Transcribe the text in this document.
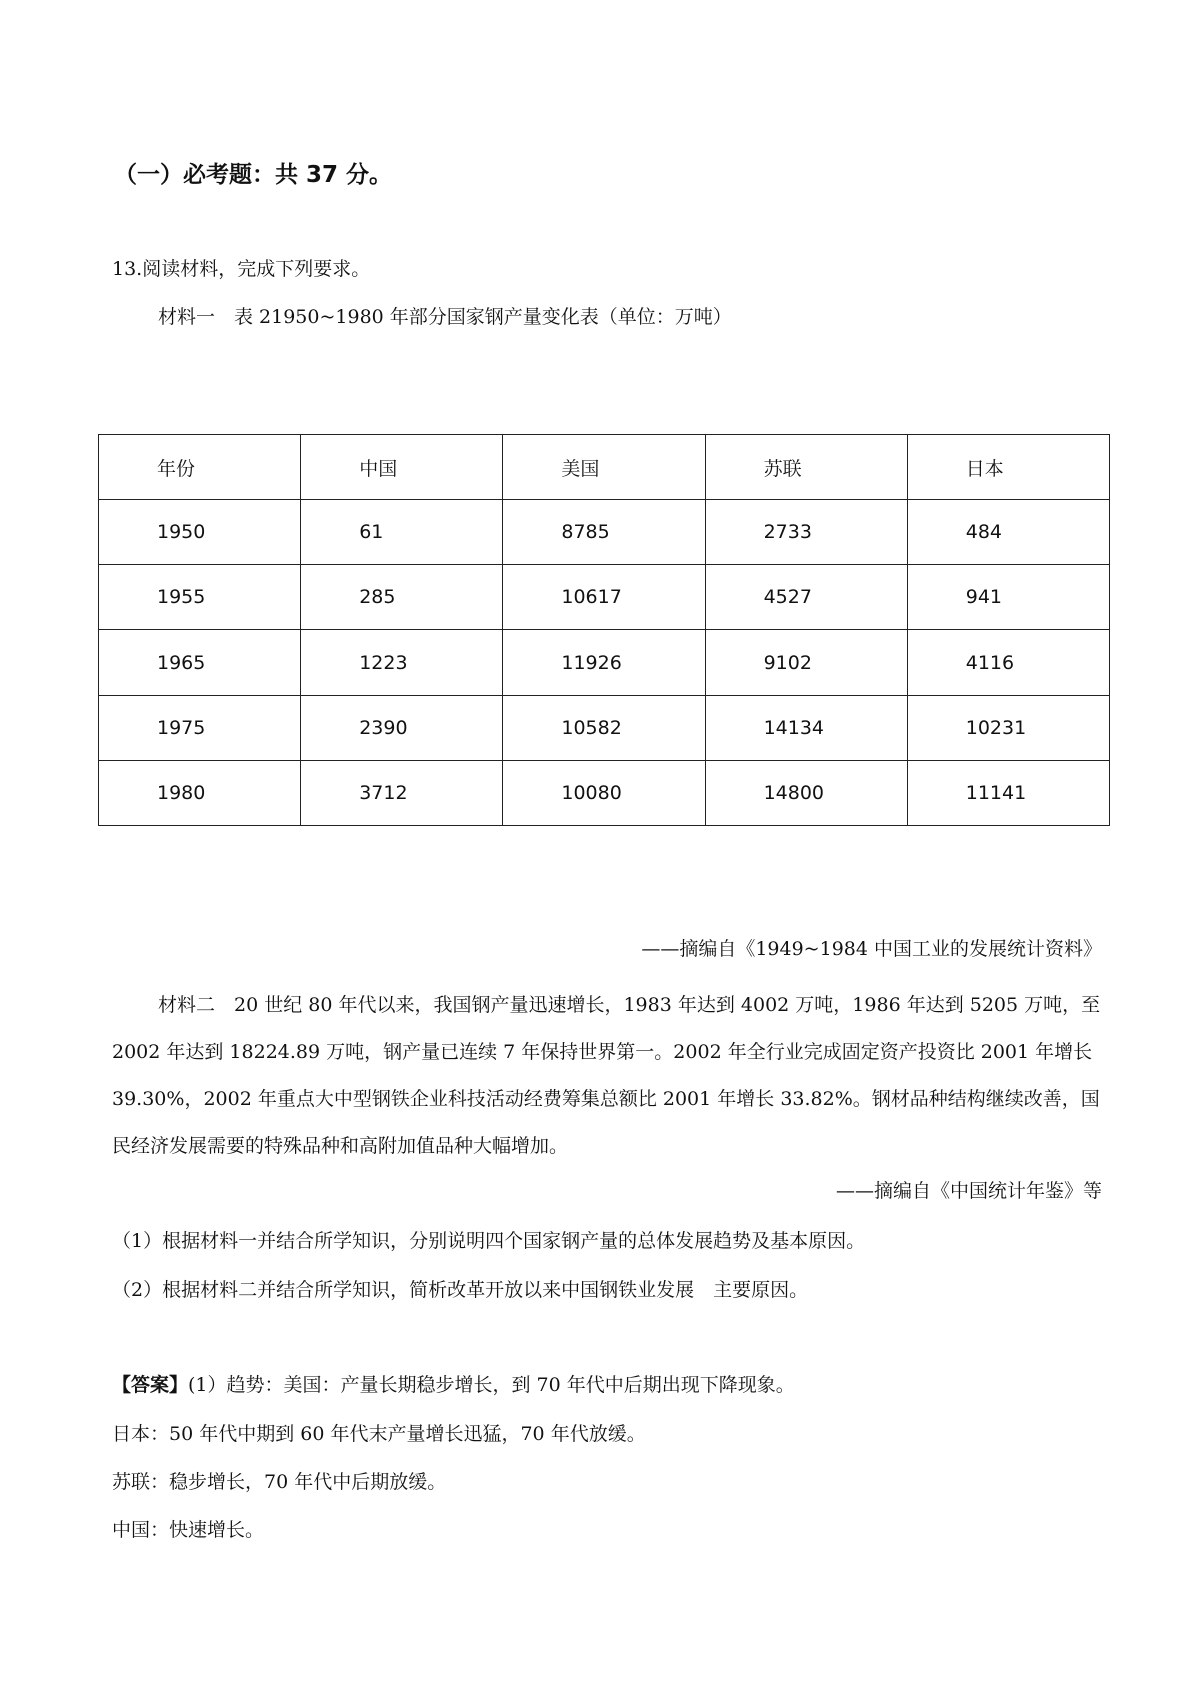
（一）必考题：共 37 分。
13.阅读材料，完成下列要求。
材料一　表 21950~1980 年部分国家钢产量变化表（单位：万吨）
年份	中国	美国	苏联	日本
1950	61	8785	2733	484
1955	285	10617	4527	941
1965	1223	11926	9102	4116
1975	2390	10582	14134	10231
1980	3712	10080	14800	11141
——摘编自《1949~1984 中国工业的发展统计资料》
材料二　20 世纪 80 年代以来，我国钢产量迅速增长，1983 年达到 4002 万吨，1986 年达到 5205 万吨，至 2002 年达到 18224.89 万吨，钢产量已连续 7 年保持世界第一。2002 年全行业完成固定资产投资比 2001 年增长 39.30%，2002 年重点大中型钢铁企业科技活动经费筹集总额比 2001 年增长 33.82%。钢材品种结构继续改善，国民经济发展需要的特殊品种和高附加值品种大幅增加。
——摘编自《中国统计年鉴》等
（1）根据材料一并结合所学知识，分别说明四个国家钢产量的总体发展趋势及基本原因。
（2）根据材料二并结合所学知识，简析改革开放以来中国钢铁业发展　主要原因。
【答案】(1）趋势：美国：产量长期稳步增长，到 70 年代中后期出现下降现象。
日本：50 年代中期到 60 年代末产量增长迅猛，70 年代放缓。
苏联：稳步增长，70 年代中后期放缓。
中国：快速增长。
